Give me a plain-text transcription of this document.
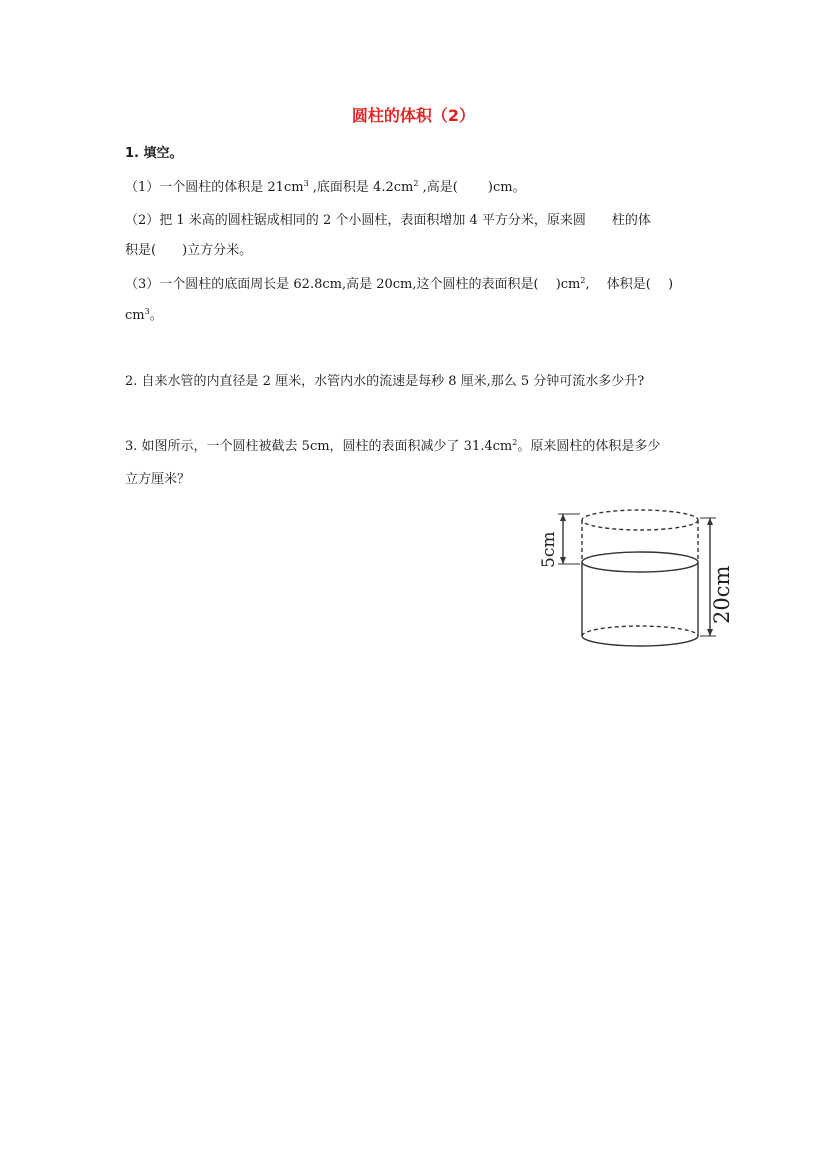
圆柱的体积（2）
1. 填空。
（1）一个圆柱的体积是 $21cm^3$ ,底面积是 $4.2cm^2$ ,高是(　　 )cm。
（2）把 1 米高的圆柱锯成相同的 2 个小圆柱，表面积增加 4 平方分米，原来圆　　柱的体
积是(　　)立方分米。
（3）一个圆柱的底面周长是 62.8cm,高是 20cm,这个圆柱的表面积是(　 )$cm^2$,　 体积是(　 )
$cm^3$。
2. 自来水管的内直径是 2 厘米，水管内水的流速是每秒 8 厘米,那么 5 分钟可流水多少升?
3. 如图所示，一个圆柱被截去 5cm，圆柱的表面积减少了 $31.4cm^2$。原来圆柱的体积是多少
立方厘米？
5cm
20cm
